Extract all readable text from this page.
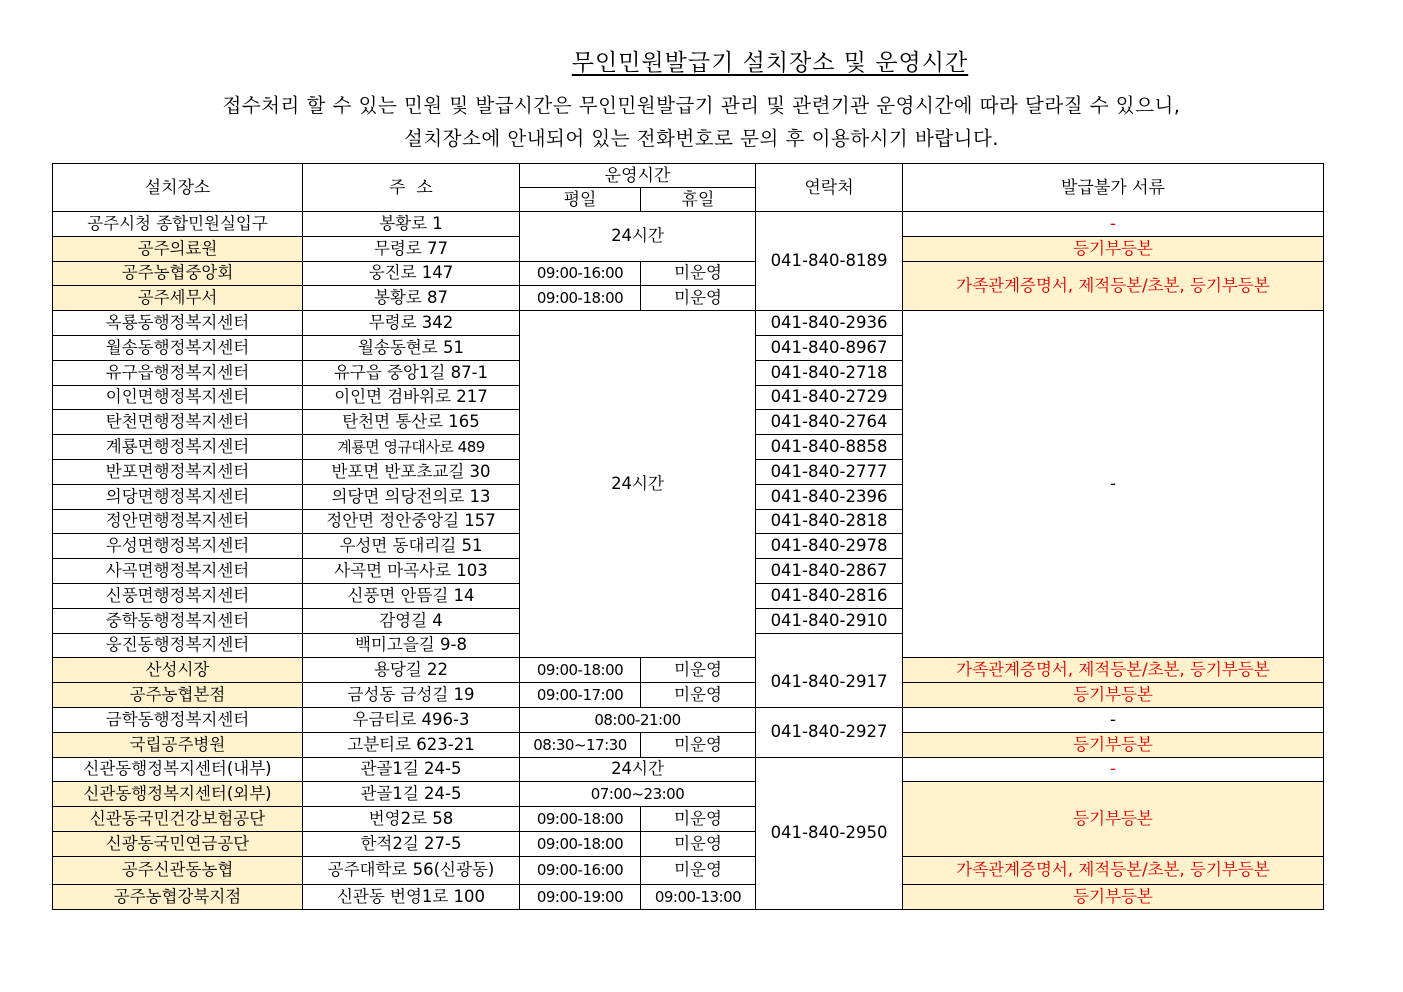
무인민원발급기 설치장소 및 운영시간
접수처리 할 수 있는 민원 및 발급시간은 무인민원발급기 관리 및 관련기관 운영시간에 따라 달라질 수 있으니,
설치장소에 안내되어 있는 전화번호로 문의 후 이용하시기 바랍니다.
설치장소	주  소	운영시간		연락처	발급불가 서류
		평일	휴일		
공주시청 종합민원실입구	봉황로 1	24시간		041-840-8189	-
공주의료원	무령로 77				등기부등본
공주농협중앙회	웅진로 147	09:00-16:00	미운영		가족관계증명서, 제적등본/초본, 등기부등본
공주세무서	봉황로 87	09:00-18:00	미운영		
옥룡동행정복지센터	무령로 342	24시간		041-840-2936	-
월송동행정복지센터	월송동현로 51			041-840-8967	
유구읍행정복지센터	유구읍 중앙1길 87-1			041-840-2718	
이인면행정복지센터	이인면 검바위로 217			041-840-2729	
탄천면행정복지센터	탄천면 통산로 165			041-840-2764	
계룡면행정복지센터	계룡면 영규대사로 489			041-840-8858	
반포면행정복지센터	반포면 반포초교길 30			041-840-2777	
의당면행정복지센터	의당면 의당전의로 13			041-840-2396	
정안면행정복지센터	정안면 정안중앙길 157			041-840-2818	
우성면행정복지센터	우성면 동대리길 51			041-840-2978	
사곡면행정복지센터	사곡면 마곡사로 103			041-840-2867	
신풍면행정복지센터	신풍면 안뜸길 14			041-840-2816	
중학동행정복지센터	감영길 4			041-840-2910	
웅진동행정복지센터	백미고을길 9-8			041-840-2917	
산성시장	용당길 22	09:00-18:00	미운영		가족관계증명서, 제적등본/초본, 등기부등본
공주농협본점	금성동 금성길 19	09:00-17:00	미운영		등기부등본
금학동행정복지센터	우금티로 496-3	08:00-21:00		041-840-2927	-
국립공주병원	고분티로 623-21	08:30~17:30	미운영		등기부등본
신관동행정복지센터(내부)	관골1길 24-5	24시간		041-840-2950	-
신관동행정복지센터(외부)	관골1길 24-5	07:00~23:00			등기부등본
신관동국민건강보험공단	번영2로 58	09:00-18:00	미운영		
신광동국민연금공단	한적2길 27-5	09:00-18:00	미운영		
공주신관동농협	공주대학로 56(신광동)	09:00-16:00	미운영		가족관계증명서, 제적등본/초본, 등기부등본
공주농협강북지점	신관동 번영1로 100	09:00-19:00	09:00-13:00		등기부등본
